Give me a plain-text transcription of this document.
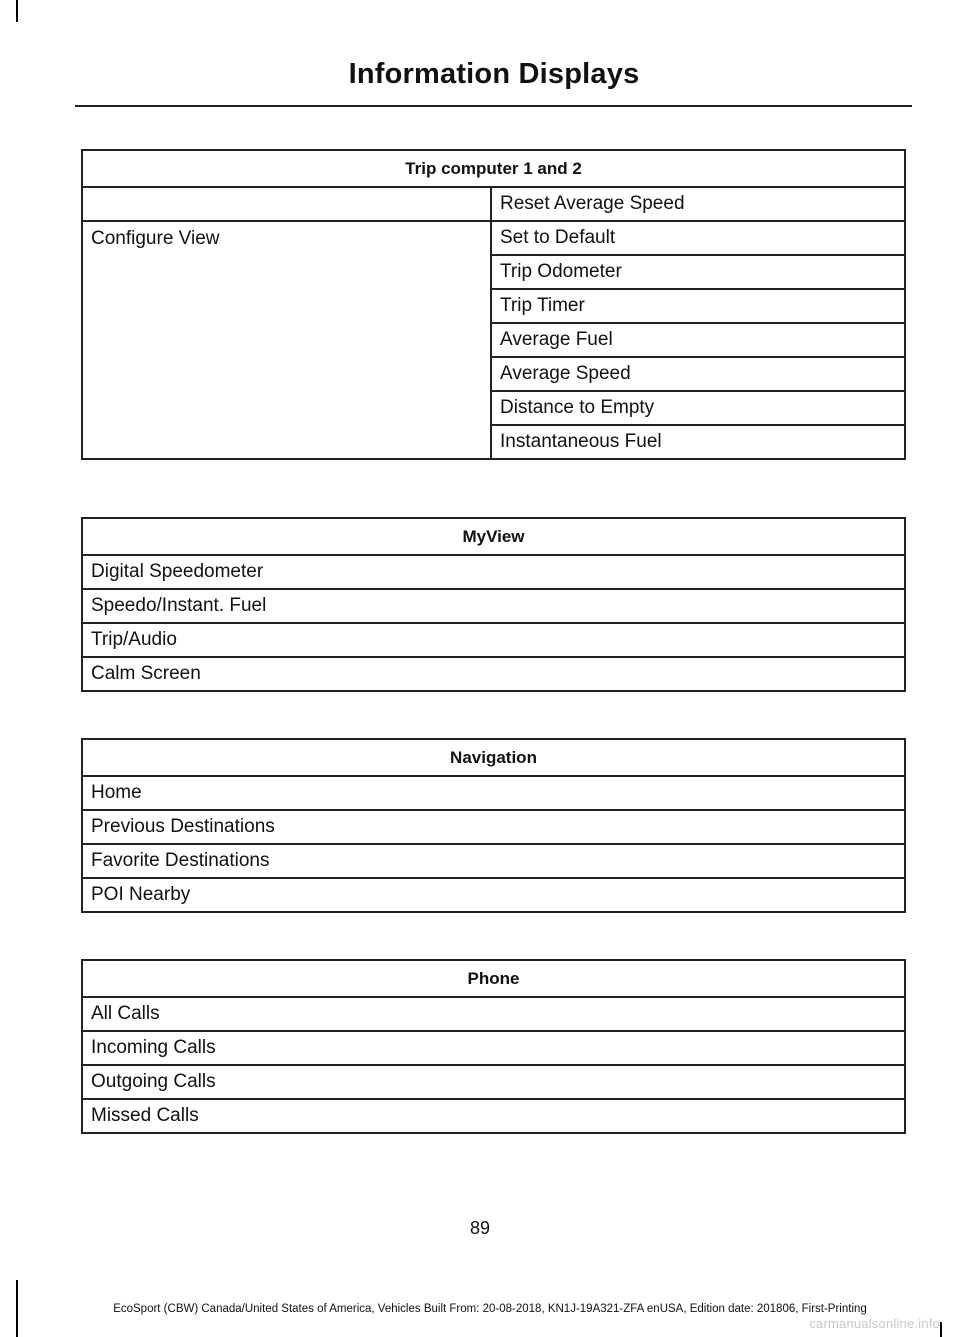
Information Displays
Trip computer 1 and 2	
	Reset Average Speed
Configure View	Set to Default
	Trip Odometer
	Trip Timer
	Average Fuel
	Average Speed
	Distance to Empty
	Instantaneous Fuel
MyView
Digital Speedometer
Speedo/Instant. Fuel
Trip/Audio
Calm Screen
Navigation
Home
Previous Destinations
Favorite Destinations
POI Nearby
Phone
All Calls
Incoming Calls
Outgoing Calls
Missed Calls
89
EcoSport (CBW) Canada/United States of America, Vehicles Built From: 20-08-2018, KN1J-19A321-ZFA enUSA, Edition date: 201806, First-Printing
carmanualsonline.info
